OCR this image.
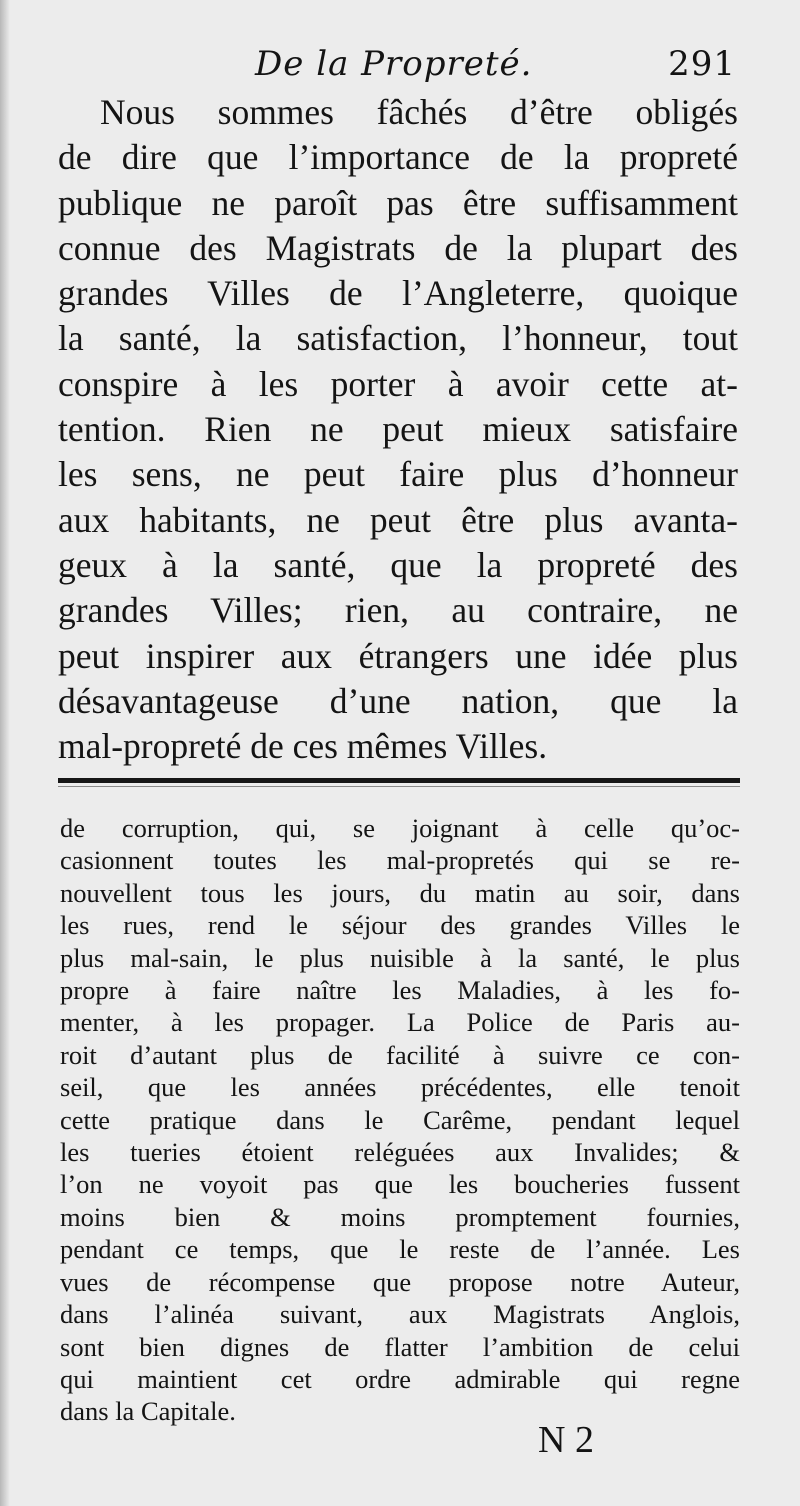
De la Propreté.	291
Nous sommes fâchés d’être obligés
de dire que l’importance de la propreté
publique ne paroît pas être suffisamment
connue des Magistrats de la plupart des
grandes Villes de l’Angleterre, quoique
la santé, la satisfaction, l’honneur, tout
conspire à les porter à avoir cette at-
tention. Rien ne peut mieux satisfaire
les sens, ne peut faire plus d’honneur
aux habitants, ne peut être plus avanta-
geux à la santé, que la propreté des
grandes Villes; rien, au contraire, ne
peut inspirer aux étrangers une idée plus
désavantageuse d’une nation, que la
mal-propreté de ces mêmes Villes.
de corruption, qui, se joignant à celle qu’oc-
casionnent toutes les mal-propretés qui se re-
nouvellent tous les jours, du matin au soir, dans
les rues, rend le séjour des grandes Villes le
plus mal-sain, le plus nuisible à la santé, le plus
propre à faire naître les Maladies, à les fo-
menter, à les propager. La Police de Paris au-
roit d’autant plus de facilité à suivre ce con-
seil, que les années précédentes, elle tenoit
cette pratique dans le Carême, pendant lequel
les tueries étoient reléguées aux Invalides; &
l’on ne voyoit pas que les boucheries fussent
moins bien & moins promptement fournies,
pendant ce temps, que le reste de l’année. Les
vues de récompense que propose notre Auteur,
dans l’alinéa suivant, aux Magistrats Anglois,
sont bien dignes de flatter l’ambition de celui
qui maintient cet ordre admirable qui regne
dans la Capitale.
N 2
